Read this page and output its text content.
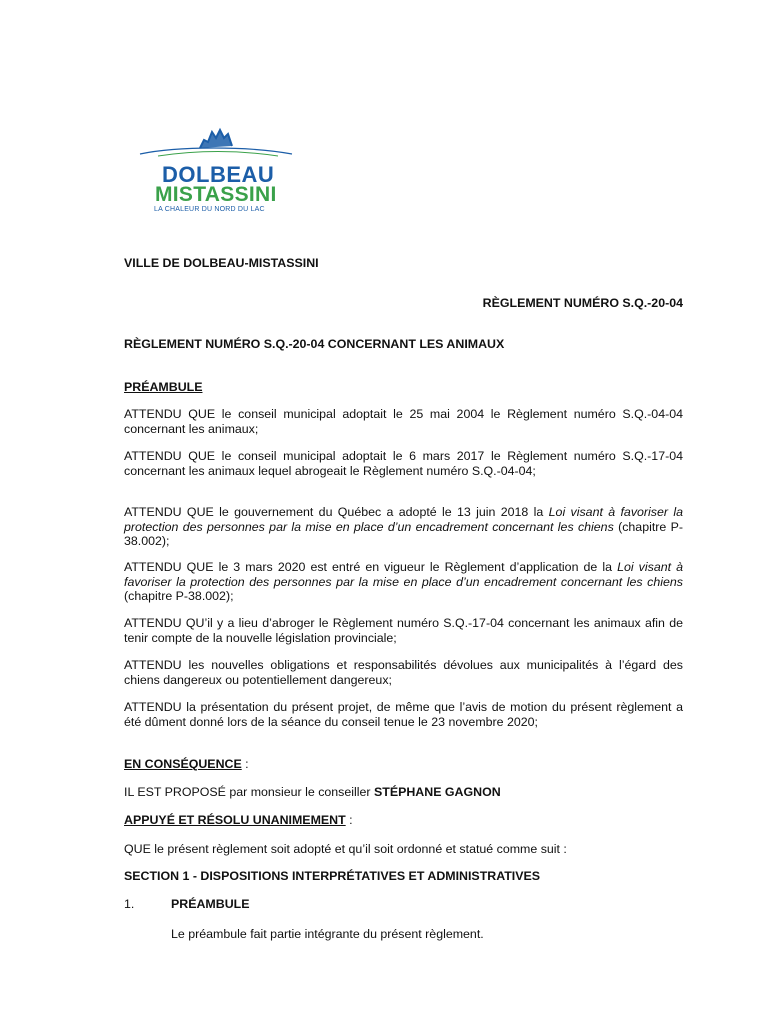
DOLBEAU
MISTASSINI
LA CHALEUR DU NORD DU LAC
VILLE DE DOLBEAU-MISTASSINI
RÈGLEMENT NUMÉRO S.Q.-20-04
RÈGLEMENT NUMÉRO S.Q.-20-04 CONCERNANT LES ANIMAUX
PRÉAMBULE
ATTENDU QUE le conseil municipal adoptait le 25 mai 2004 le Règlement numéro S.Q.-04-04 concernant les animaux;
ATTENDU QUE le conseil municipal adoptait le 6 mars 2017 le Règlement numéro S.Q.-17-04 concernant les animaux lequel abrogeait le Règlement numéro S.Q.-04-04;
ATTENDU QUE le gouvernement du Québec a adopté le 13 juin 2018 la Loi visant à favoriser la protection des personnes par la mise en place d’un encadrement concernant les chiens (chapitre P-38.002);
ATTENDU QUE le 3 mars 2020 est entré en vigueur le Règlement d’application de la Loi visant à favoriser la protection des personnes par la mise en place d’un encadrement concernant les chiens (chapitre P-38.002);
ATTENDU QU’il y a lieu d’abroger le Règlement numéro S.Q.-17-04 concernant les animaux afin de tenir compte de la nouvelle législation provinciale;
ATTENDU les nouvelles obligations et responsabilités dévolues aux municipalités à l’égard des chiens dangereux ou potentiellement dangereux;
ATTENDU la présentation du présent projet, de même que l’avis de motion du présent règlement a été dûment donné lors de la séance du conseil tenue le 23 novembre 2020;
EN CONSÉQUENCE :
IL EST PROPOSÉ par monsieur le conseiller STÉPHANE GAGNON
APPUYÉ ET RÉSOLU UNANIMEMENT :
QUE le présent règlement soit adopté et qu’il soit ordonné et statué comme suit :
SECTION 1 - DISPOSITIONS INTERPRÉTATIVES ET ADMINISTRATIVES
1.	PRÉAMBULE
Le préambule fait partie intégrante du présent règlement.
